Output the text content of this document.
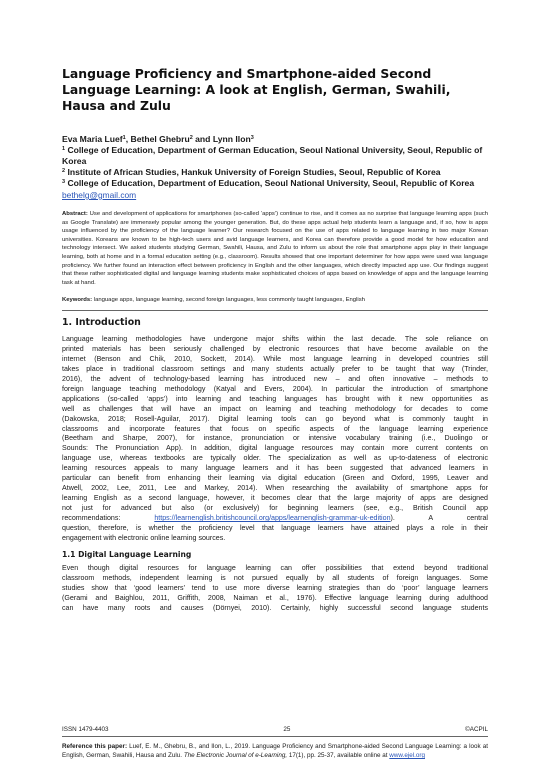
Language Proficiency and Smartphone-aided Second Language Learning: A look at English, German, Swahili, Hausa and Zulu

Eva Maria Luef$^1$, Bethel Ghebru$^2$ and Lynn Ilon$^3$

$^1$ College of Education, Department of German Education, Seoul National University, Seoul, Republic of Korea

$^2$ Institute of African Studies, Hankuk University of Foreign Studies, Seoul, Republic of Korea

$^3$ College of Education, Department of Education, Seoul National University, Seoul, Republic of Korea

bethelg@gmail.com

Abstract: Use and development of applications for smartphones (so-called ‘apps’) continue to rise, and it comes as no surprise that language learning apps (such as Google Translate) are immensely popular among the younger generation. But, do these apps actual help students learn a language and, if so, how is apps usage influenced by the proficiency of the language learner? Our research focused on the use of apps related to language learning in two major Korean universities. Koreans are known to be high-tech users and avid language learners, and Korea can therefore provide a good model for how education and technology intersect. We asked students studying German, Swahili, Hausa, and Zulu to inform us about the role that smartphone apps play in their language learning, both at home and in a formal education setting (e.g., classroom). Results showed that one important determiner for how apps were used was language proficiency. We further found an interaction effect between proficiency in English and the other languages, which directly impacted app use. Our findings suggest that these rather sophisticated digital and language learning students make sophisticated choices of apps based on knowledge of apps and the language learning task at hand.

Keywords: language apps, language learning, second foreign languages, less commonly taught languages, English

1. Introduction
Language learning methodologies have undergone major shifts within the last decade. The sole reliance on
printed materials has been seriously challenged by electronic resources that have become available on the
internet (Benson and Chik, 2010, Sockett, 2014). While most language learning in developed countries still
takes place in traditional classroom settings and many students actually prefer to be taught that way (Trinder,
2016), the advent of technology-based learning has introduced new – and often innovative – methods to
foreign language teaching methodology (Katyal and Evers, 2004). In particular the introduction of smartphone
applications (so-called ‘apps’) into learning and teaching languages has brought with it new opportunities as
well as challenges that will have an impact on learning and teaching methodology for decades to come
(Dakowska, 2018; Rosell-Aguilar, 2017). Digital learning tools can go beyond what is commonly taught in
classrooms and incorporate features that focus on specific aspects of the language learning experience
(Beetham and Sharpe, 2007), for instance, pronunciation or intensive vocabulary training (i.e., Duolingo or
Sounds: The Pronunciation App). In addition, digital language resources may contain more current contents on
language use, whereas textbooks are typically older. The specialization as well as up-to-dateness of electronic
learning resources appeals to many language learners and it has been suggested that advanced learners in
particular can benefit from enhancing their learning via digital education (Green and Oxford, 1995, Leaver and
Atwell, 2002, Lee, 2011, Lee and Markey, 2014). When researching the availability of smartphone apps for
learning English as a second language, however, it becomes clear that the large majority of apps are designed
not just for advanced but also (or exclusively) for beginning learners (see, e.g., British Council app
recommendations:	https://learnenglish.britishcouncil.org/apps/learnenglish-grammar-uk-edition). A central
question, therefore, is whether the proficiency level that language learners have attained plays a role in their
engagement with electronic online learning sources.
1.1 Digital Language Learning
Even though digital resources for language learning can offer possibilities that extend beyond traditional
classroom methods, independent learning is not pursued equally by all students of foreign languages. Some
studies show that ‘good learners’ tend to use more diverse learning strategies than do ‘poor’ language learners
(Gerami and Baighlou, 2011, Griffith, 2008, Naiman et al., 1976). Effective language learning during adulthood
can have many roots and causes (Dörnyei, 2010). Certainly, highly successful second language students
ISSN 1479-4403	25	©ACPIL
Reference this paper: Luef, E. M., Ghebru, B., and Ilon, L., 2019. Language Proficiency and Smartphone-aided Second Language Learning: a look at English, German, Swahili, Hausa and Zulu. The Electronic Journal of e-Learning, 17(1), pp. 25-37, available online at www.ejel.org
